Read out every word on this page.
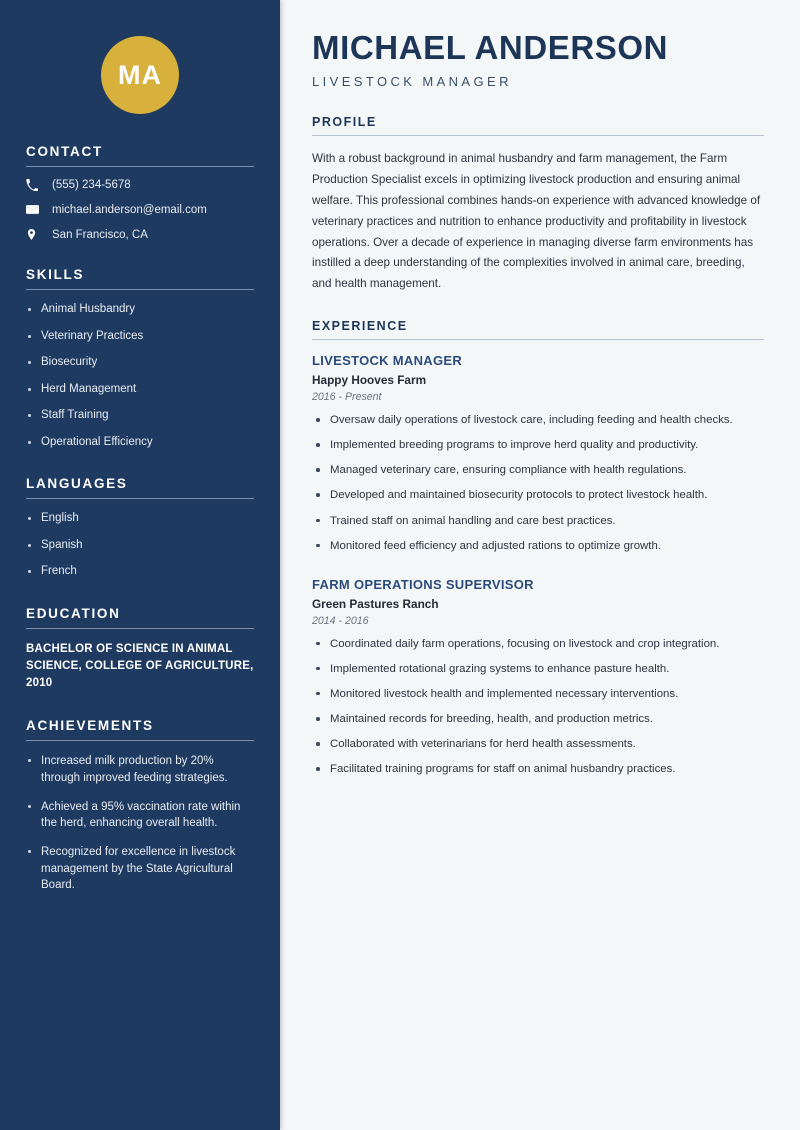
MA
CONTACT
(555) 234-5678
michael.anderson@email.com
San Francisco, CA
SKILLS
Animal Husbandry
Veterinary Practices
Biosecurity
Herd Management
Staff Training
Operational Efficiency
LANGUAGES
English
Spanish
French
EDUCATION
BACHELOR OF SCIENCE IN ANIMAL SCIENCE, COLLEGE OF AGRICULTURE, 2010
ACHIEVEMENTS
Increased milk production by 20% through improved feeding strategies.
Achieved a 95% vaccination rate within the herd, enhancing overall health.
Recognized for excellence in livestock management by the State Agricultural Board.
MICHAEL ANDERSON
LIVESTOCK MANAGER
PROFILE

With a robust background in animal husbandry and farm management, the Farm Production Specialist excels in optimizing livestock production and ensuring animal welfare. This professional combines hands-on experience with advanced knowledge of veterinary practices and nutrition to enhance productivity and profitability in livestock operations. Over a decade of experience in managing diverse farm environments has instilled a deep understanding of the complexities involved in animal care, breeding, and health management.

EXPERIENCE
LIVESTOCK MANAGER
Happy Hooves Farm
2016 - Present
Oversaw daily operations of livestock care, including feeding and health checks.
Implemented breeding programs to improve herd quality and productivity.
Managed veterinary care, ensuring compliance with health regulations.
Developed and maintained biosecurity protocols to protect livestock health.
Trained staff on animal handling and care best practices.
Monitored feed efficiency and adjusted rations to optimize growth.
FARM OPERATIONS SUPERVISOR
Green Pastures Ranch
2014 - 2016
Coordinated daily farm operations, focusing on livestock and crop integration.
Implemented rotational grazing systems to enhance pasture health.
Monitored livestock health and implemented necessary interventions.
Maintained records for breeding, health, and production metrics.
Collaborated with veterinarians for herd health assessments.
Facilitated training programs for staff on animal husbandry practices.
